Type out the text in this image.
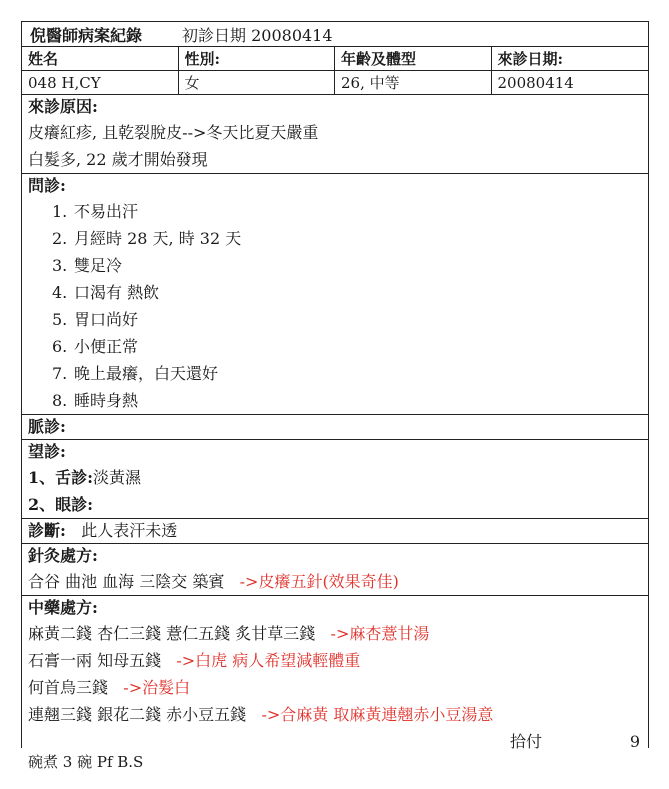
倪醫師病案紀錄	初診日期 20080414
姓名	性別:	年齡及體型	來診日期:
048 H,CY	女	26, 中等	20080414
來診原因:
皮癢紅疹, 且乾裂脫皮-->冬天比夏天嚴重
白髮多, 22 歲才開始發現
問診:
1. 不易出汗
2. 月經時 28 天, 時 32 天
3. 雙足冷
4. 口渴有 熱飲
5. 胃口尚好
6. 小便正常
7. 晚上最癢，白天還好
8. 睡時身熱
脈診:
望診:
1、舌診:淡黃濕
2、眼診:
診斷: 此人表汗未透
針灸處方:
合谷 曲池 血海 三陰交 築賓 ->皮癢五針(效果奇佳)
中藥處方:
麻黃二錢 杏仁三錢 薏仁五錢 炙甘草三錢 ->麻杏薏甘湯
石膏一兩 知母五錢 ->白虎 病人希望減輕體重
何首烏三錢 ->治髮白
連翹三錢 銀花二錢 赤小豆五錢 ->合麻黃 取麻黃連翹赤小豆湯意
拾付	9
碗煮 3 碗 Pf B.S
